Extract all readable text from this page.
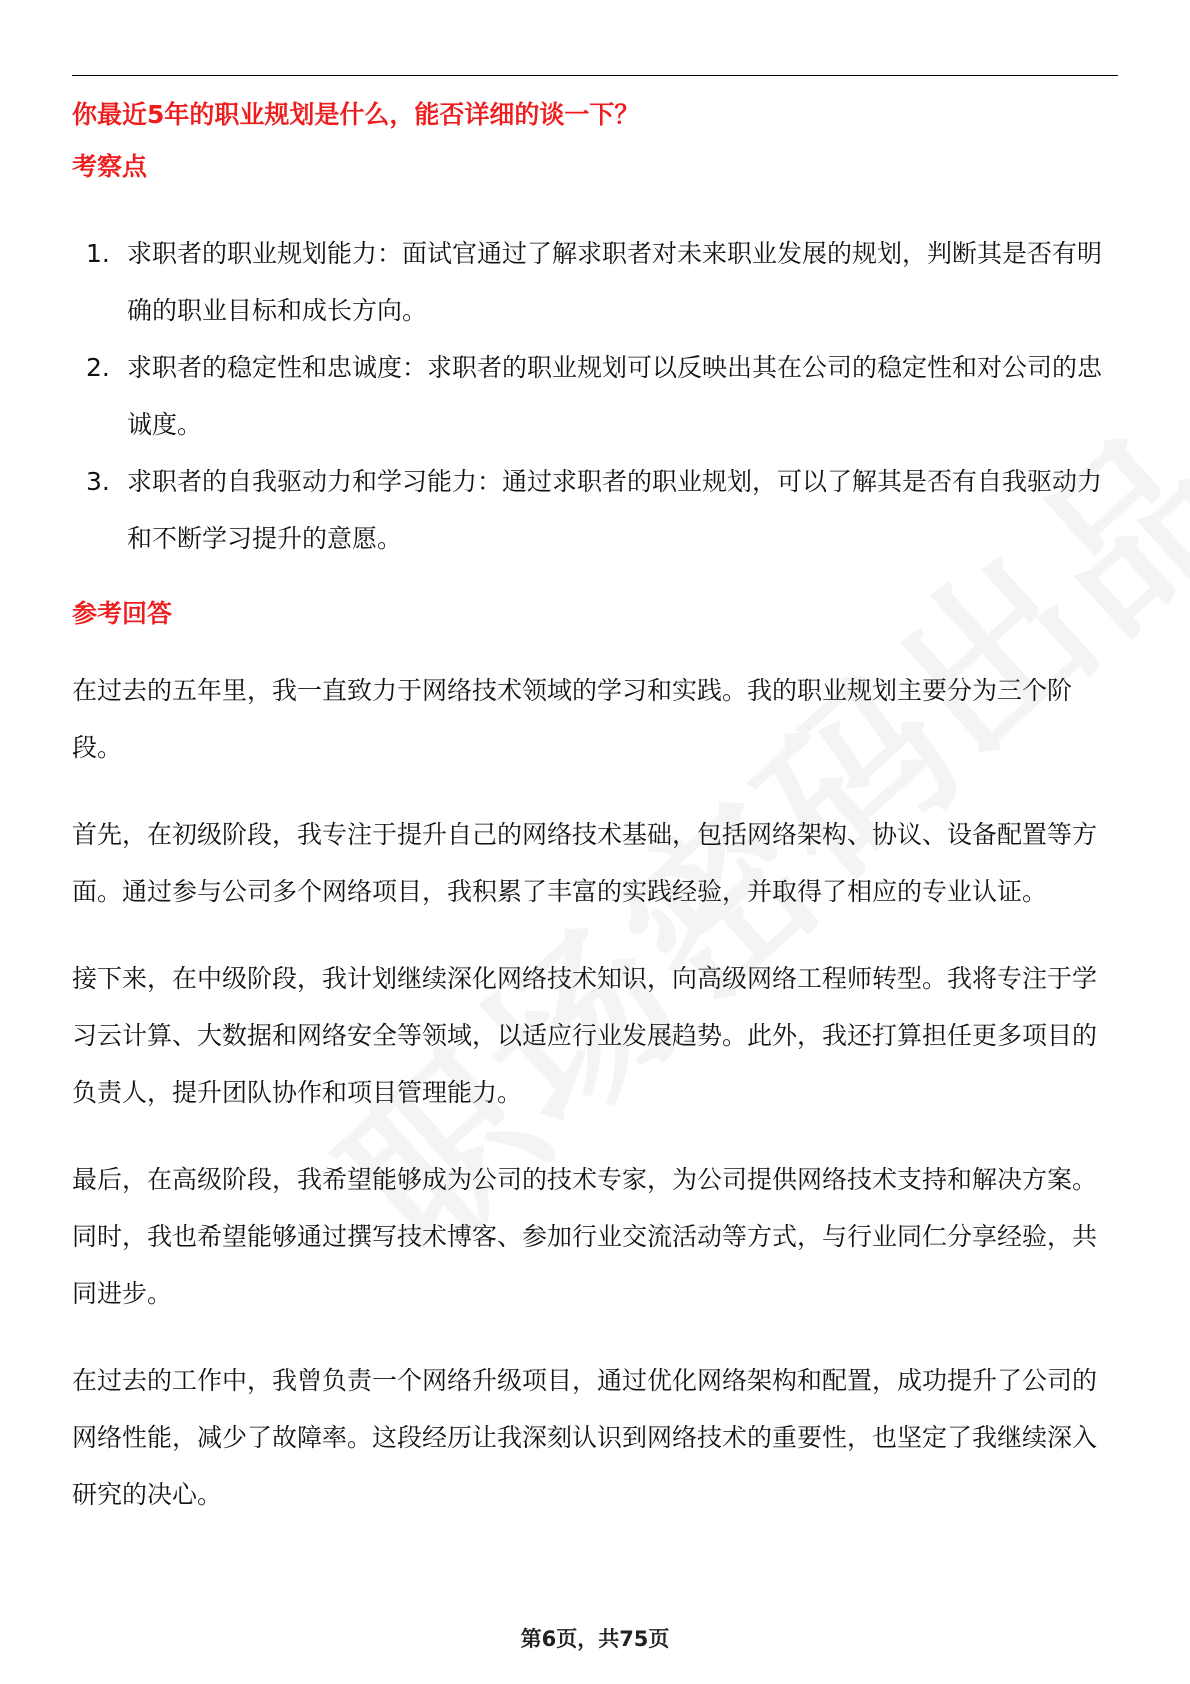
你最近5年的职业规划是什么，能否详细的谈一下？
考察点
1. 求职者的职业规划能力：面试官通过了解求职者对未来职业发展的规划，判断其是否有明确的职业目标和成长方向。
2. 求职者的稳定性和忠诚度：求职者的职业规划可以反映出其在公司的稳定性和对公司的忠诚度。
3. 求职者的自我驱动力和学习能力：通过求职者的职业规划，可以了解其是否有自我驱动力和不断学习提升的意愿。
参考回答

在过去的五年里，我一直致力于网络技术领域的学习和实践。我的职业规划主要分为三个阶段。

首先，在初级阶段，我专注于提升自己的网络技术基础，包括网络架构、协议、设备配置等方面。通过参与公司多个网络项目，我积累了丰富的实践经验，并取得了相应的专业认证。

接下来，在中级阶段，我计划继续深化网络技术知识，向高级网络工程师转型。我将专注于学习云计算、大数据和网络安全等领域，以适应行业发展趋势。此外，我还打算担任更多项目的负责人，提升团队协作和项目管理能力。

最后，在高级阶段，我希望能够成为公司的技术专家，为公司提供网络技术支持和解决方案。同时，我也希望能够通过撰写技术博客、参加行业交流活动等方式，与行业同仁分享经验，共同进步。

在过去的工作中，我曾负责一个网络升级项目，通过优化网络架构和配置，成功提升了公司的网络性能，减少了故障率。这段经历让我深刻认识到网络技术的重要性，也坚定了我继续深入研究的决心。

第6页，共75页
